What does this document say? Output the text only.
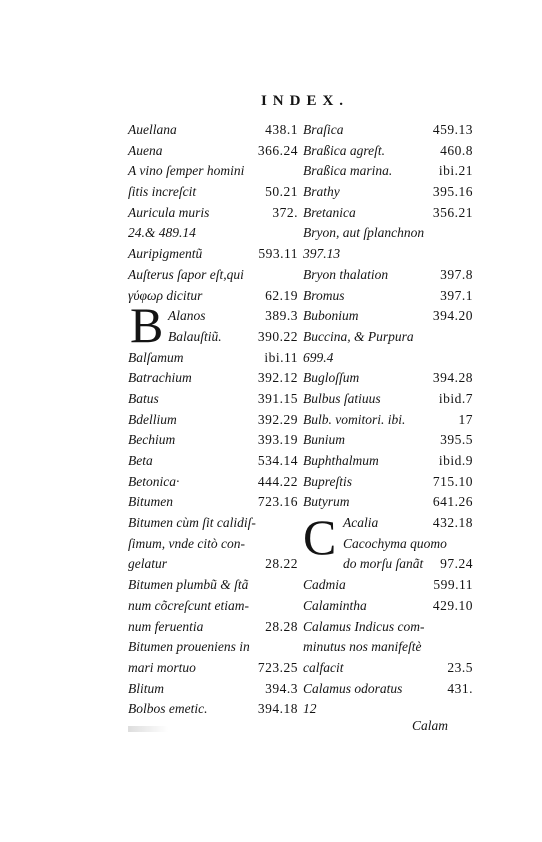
INDEX.
B
C
Auellana	438.1
Auena	366.24
A vino ſemper homini
ſitis increſcit	50.21
Auricula muris	372.
24.& 489.14
Auripigmentũ	593.11
Auſterus ſapor eſt,qui
γύφωρ dicitur	62.19
Alanos	389.3
Balauſtiũ.	390.22
Balſamum	ibi.11
Batrachium	392.12
Batus	391.15
Bdellium	392.29
Bechium	393.19
Beta	534.14
Betonica·	444.22
Bitumen	723.16
Bitumen cùm ſit calidiſ-
ſimum, vnde citò con-
gelatur	28.22
Bitumen plumbũ & ſtã
num cõcreſcunt etiam-
num feruentia	28.28
Bitumen proueniens in
mari mortuo	723.25
Blitum	394.3
Bolbos emetic.	394.18
Braſica	459.13
Braßica agreſt.	460.8
Braßica marina.	ibi.21
Brathy	395.16
Bretanica	356.21
Bryon, aut ſplanchnon
397.13
Bryon thalation	397.8
Bromus	397.1
Bubonium	394.20
Buccina, & Purpura
699.4
Bugloſſum	394.28
Bulbus ſatiuus	ibid.7
Bulb. vomitori. ibi.	17
Bunium	395.5
Buphthalmum	ibid.9
Bupreſtis	715.10
Butyrum	641.26
Acalia	432.18
Cacochyma quomo
do morſu ſanãt 97.24
Cadmia	599.11
Calamintha	429.10
Calamus Indicus com-
minutus nos manifeſtè
calfacit	23.5
Calamus odoratus	431.
12
Calam
